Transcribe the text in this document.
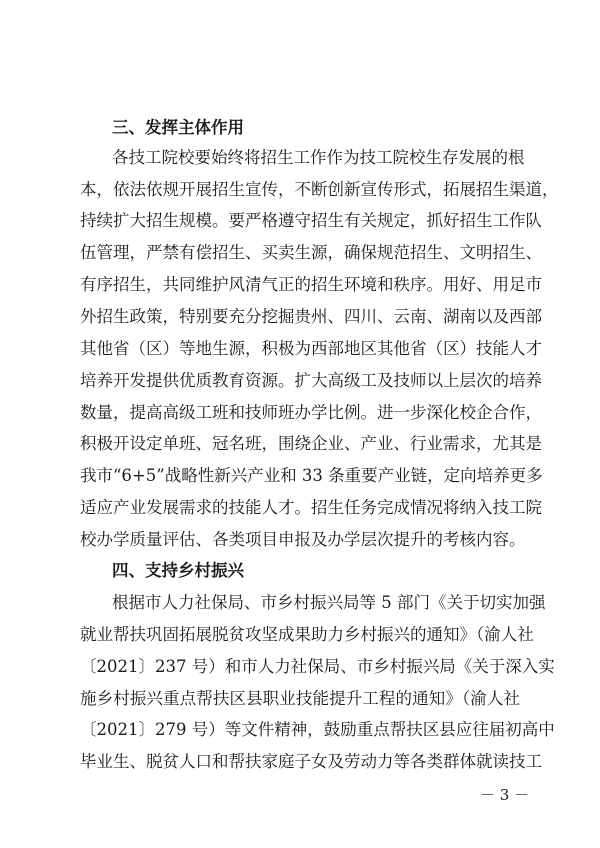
三、发挥主体作用
各技工院校要始终将招生工作作为技工院校生存发展的根
本，依法依规开展招生宣传，不断创新宣传形式，拓展招生渠道，
持续扩大招生规模。要严格遵守招生有关规定，抓好招生工作队
伍管理，严禁有偿招生、买卖生源，确保规范招生、文明招生、
有序招生，共同维护风清气正的招生环境和秩序。用好、用足市
外招生政策，特别要充分挖掘贵州、四川、云南、湖南以及西部
其他省（区）等地生源，积极为西部地区其他省（区）技能人才
培养开发提供优质教育资源。扩大高级工及技师以上层次的培养
数量，提高高级工班和技师班办学比例。进一步深化校企合作，
积极开设定单班、冠名班，围绕企业、产业、行业需求，尤其是
我市“6+5”战略性新兴产业和 33 条重要产业链，定向培养更多
适应产业发展需求的技能人才。招生任务完成情况将纳入技工院
校办学质量评估、各类项目申报及办学层次提升的考核内容。
四、支持乡村振兴
根据市人力社保局、市乡村振兴局等 5 部门《关于切实加强
就业帮扶巩固拓展脱贫攻坚成果助力乡村振兴的通知》（渝人社
〔2021〕237 号）和市人力社保局、市乡村振兴局《关于深入实
施乡村振兴重点帮扶区县职业技能提升工程的通知》（渝人社
〔2021〕279 号）等文件精神，鼓励重点帮扶区县应往届初高中
毕业生、脱贫人口和帮扶家庭子女及劳动力等各类群体就读技工
－ 3 －
